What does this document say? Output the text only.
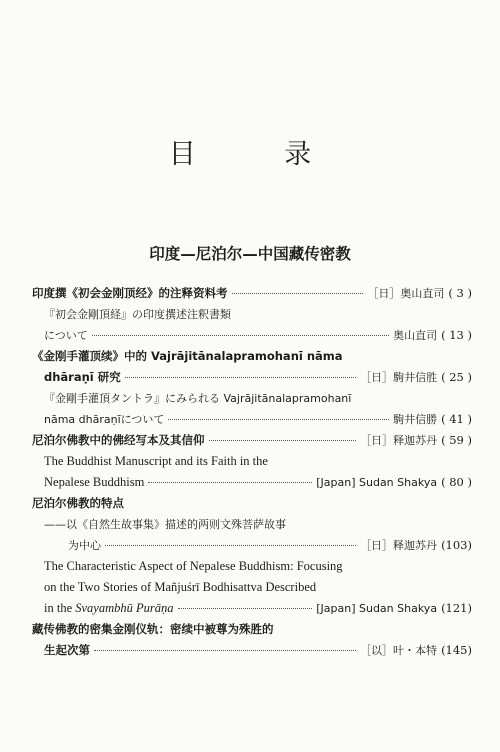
目 录
印度—尼泊尔—中国藏传密教
印度撰《初会金刚顶经》的注释资料考	［日］奥山直司 ( 3 )
『初会金剛頂経』の印度撰述注釈書類
について	奥山直司 ( 13 )
《金刚手灌顶续》中的 Vajrājitānalapramohanī nāma
dhāraṇī 研究	［日］駒井信胜 ( 25 )
『金剛手灌頂タントラ』にみられる Vajrājitānalapramohanī
nāma dhāraṇīについて	駒井信勝 ( 41 )
尼泊尔佛教中的佛经写本及其信仰	［日］释迦苏丹 ( 59 )
The Buddhist Manuscript and its Faith in the
Nepalese Buddhism	[Japan] Sudan Shakya ( 80 )
尼泊尔佛教的特点
——以《自然生故事集》描述的两则文殊菩萨故事
为中心	［日］释迦苏丹 (103)
The Characteristic Aspect of Nepalese Buddhism: Focusing
on the Two Stories of Mañjuśrī Bodhisattva Described
in the Svayambhū Purāṇa	[Japan] Sudan Shakya (121)
藏传佛教的密集金刚仪轨：密续中被尊为殊胜的
生起次第	［以］叶・本特 (145)
